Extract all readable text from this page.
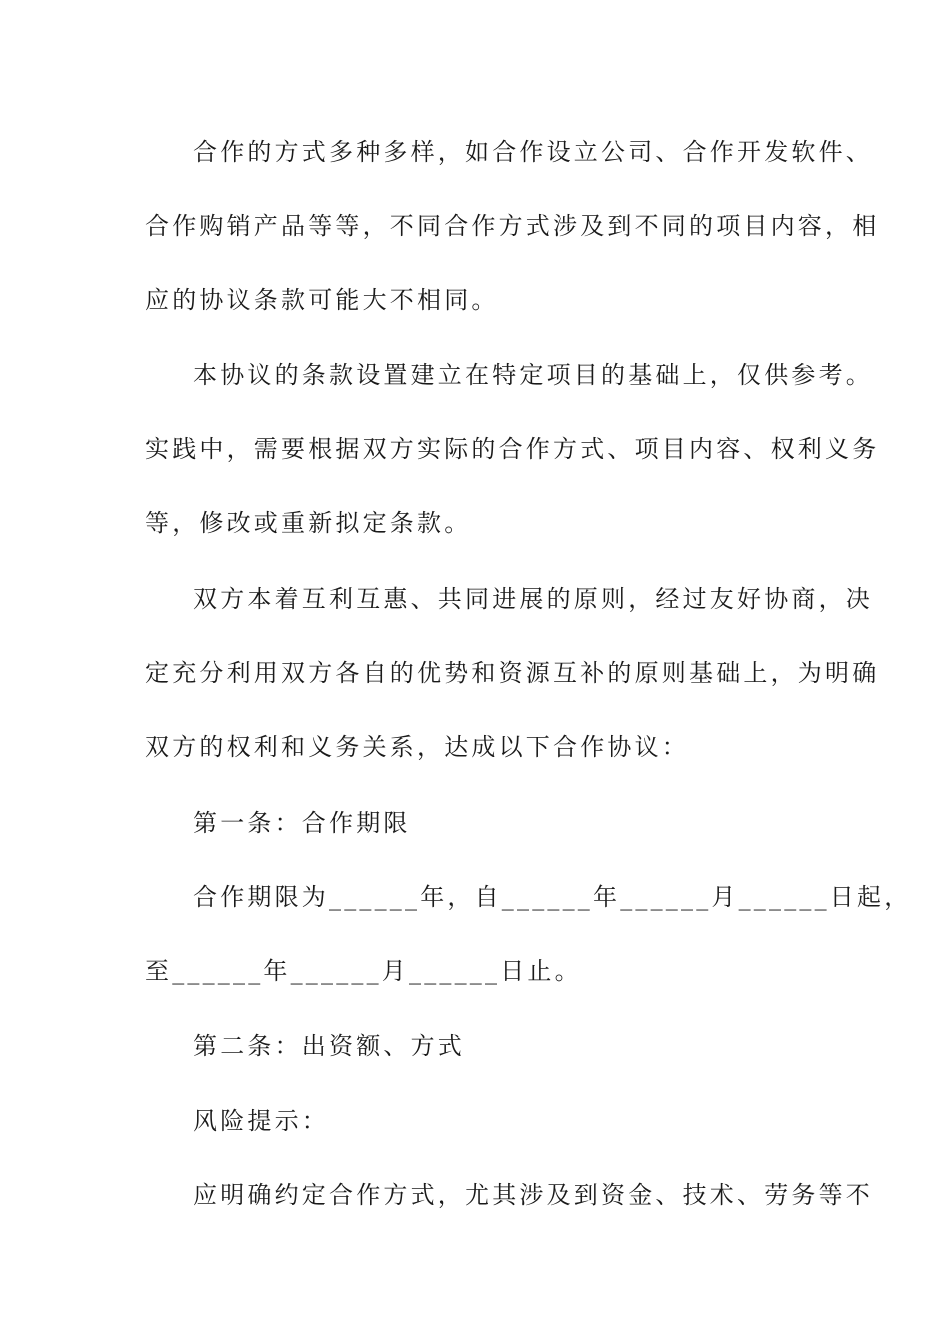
合作的方式多种多样，如合作设立公司、合作开发软件、
合作购销产品等等，不同合作方式涉及到不同的项目内容，相
应的协议条款可能大不相同。
本协议的条款设置建立在特定项目的基础上，仅供参考。
实践中，需要根据双方实际的合作方式、项目内容、权利义务
等，修改或重新拟定条款。
双方本着互利互惠、共同进展的原则，经过友好协商，决
定充分利用双方各自的优势和资源互补的原则基础上，为明确
双方的权利和义务关系，达成以下合作协议：
第一条：合作期限
合作期限为______年，自______年______月______日起，
至______年______月______日止。
第二条：出资额、方式
风险提示：
应明确约定合作方式，尤其涉及到资金、技术、劳务等不
